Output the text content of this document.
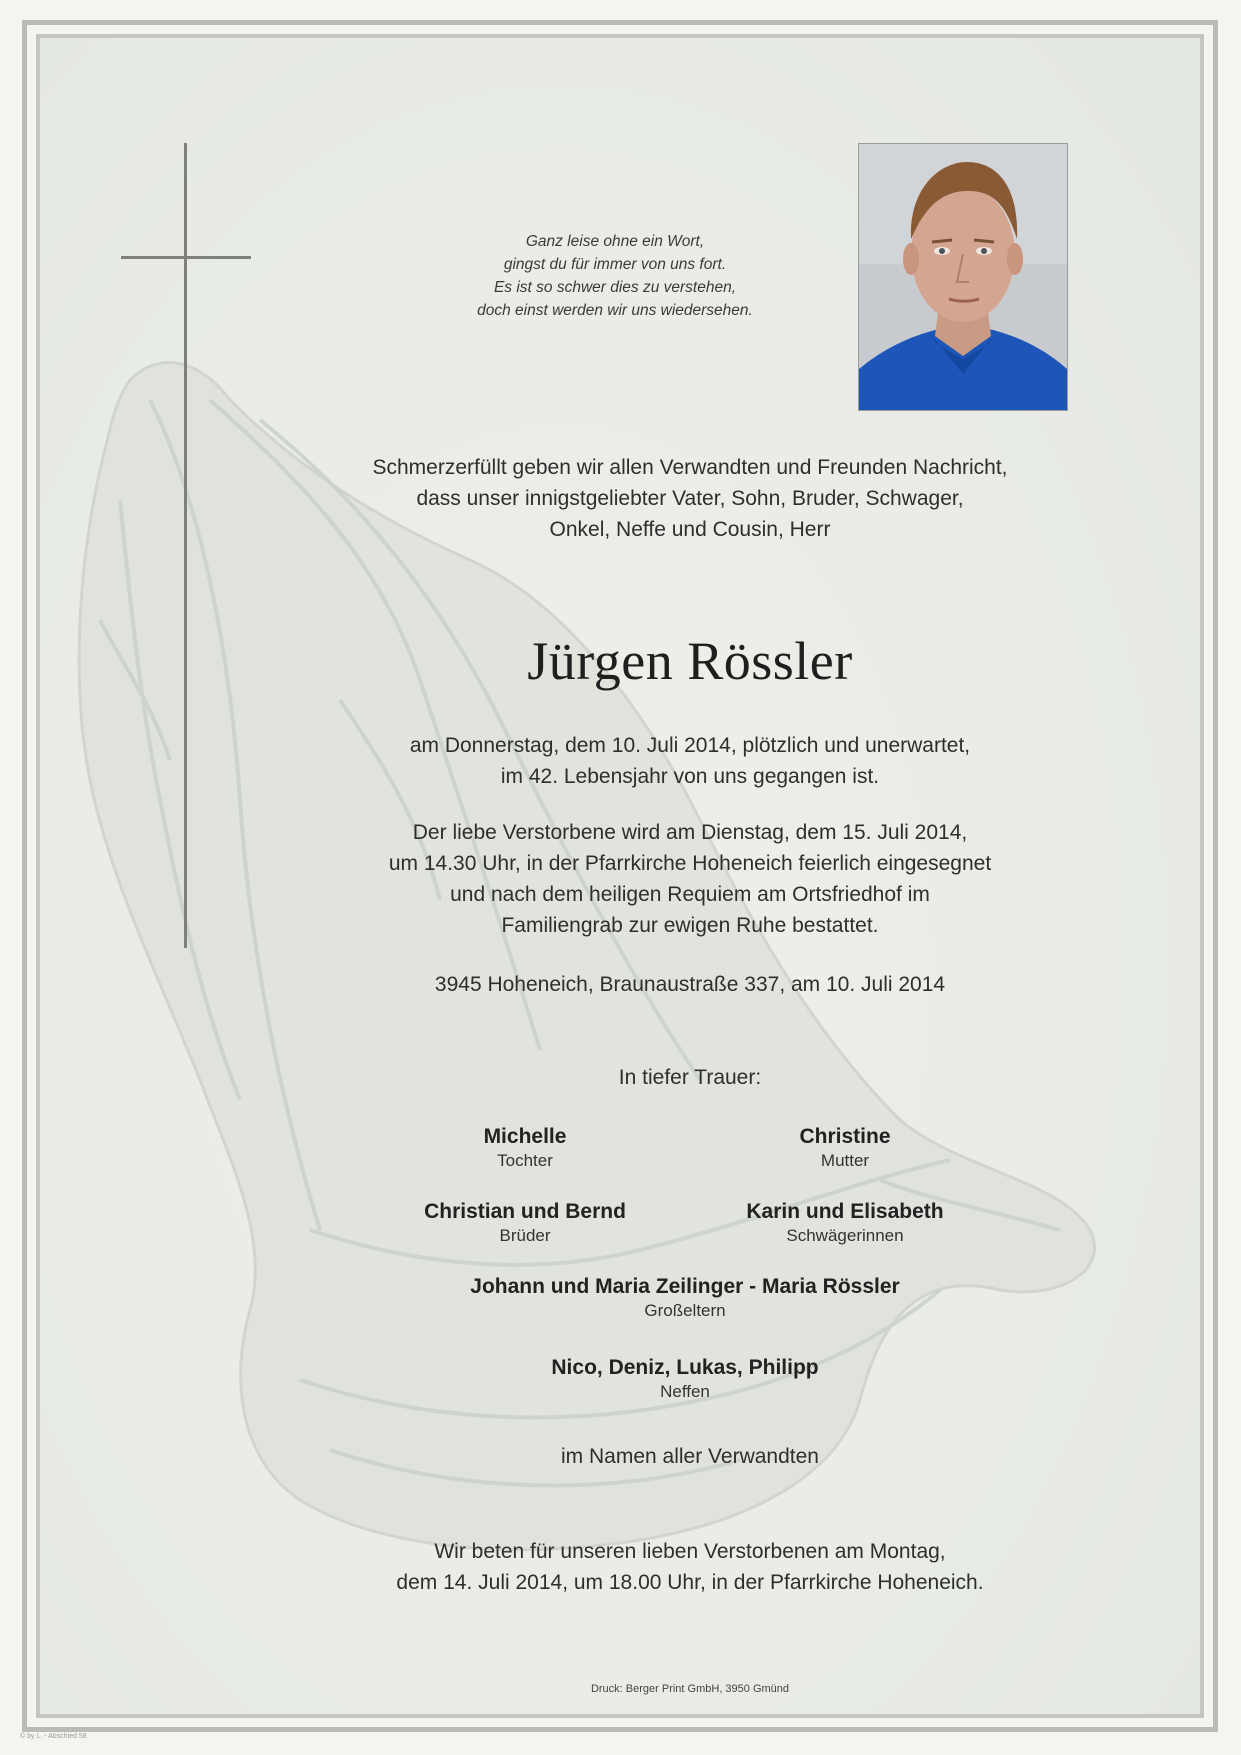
Ganz leise ohne ein Wort,
gingst du für immer von uns fort.
Es ist so schwer dies zu verstehen,
doch einst werden wir uns wiedersehen.
Schmerzerfüllt geben wir allen Verwandten und Freunden Nachricht,
dass unser innigstgeliebter Vater, Sohn, Bruder, Schwager,
Onkel, Neffe und Cousin, Herr
Jürgen Rössler
am Donnerstag, dem 10. Juli 2014, plötzlich und unerwartet,
im 42. Lebensjahr von uns gegangen ist.
Der liebe Verstorbene wird am Dienstag, dem 15. Juli 2014,
um 14.30 Uhr, in der Pfarrkirche Hoheneich feierlich eingesegnet
und nach dem heiligen Requiem am Ortsfriedhof im
Familiengrab zur ewigen Ruhe bestattet.
3945 Hoheneich, Braunaustraße 337, am 10. Juli 2014
In tiefer Trauer:
Michelle
Tochter
Christine
Mutter
Christian und Bernd
Brüder
Karin und Elisabeth
Schwägerinnen
Johann und Maria Zeilinger - Maria Rössler
Großeltern
Nico, Deniz, Lukas, Philipp
Neffen
im Namen aller Verwandten
Wir beten für unseren lieben Verstorbenen am Montag,
dem 14. Juli 2014, um 18.00 Uhr, in der Pfarrkirche Hoheneich.
Druck: Berger Print GmbH, 3950 Gmünd
© by L. - Abschied 58
